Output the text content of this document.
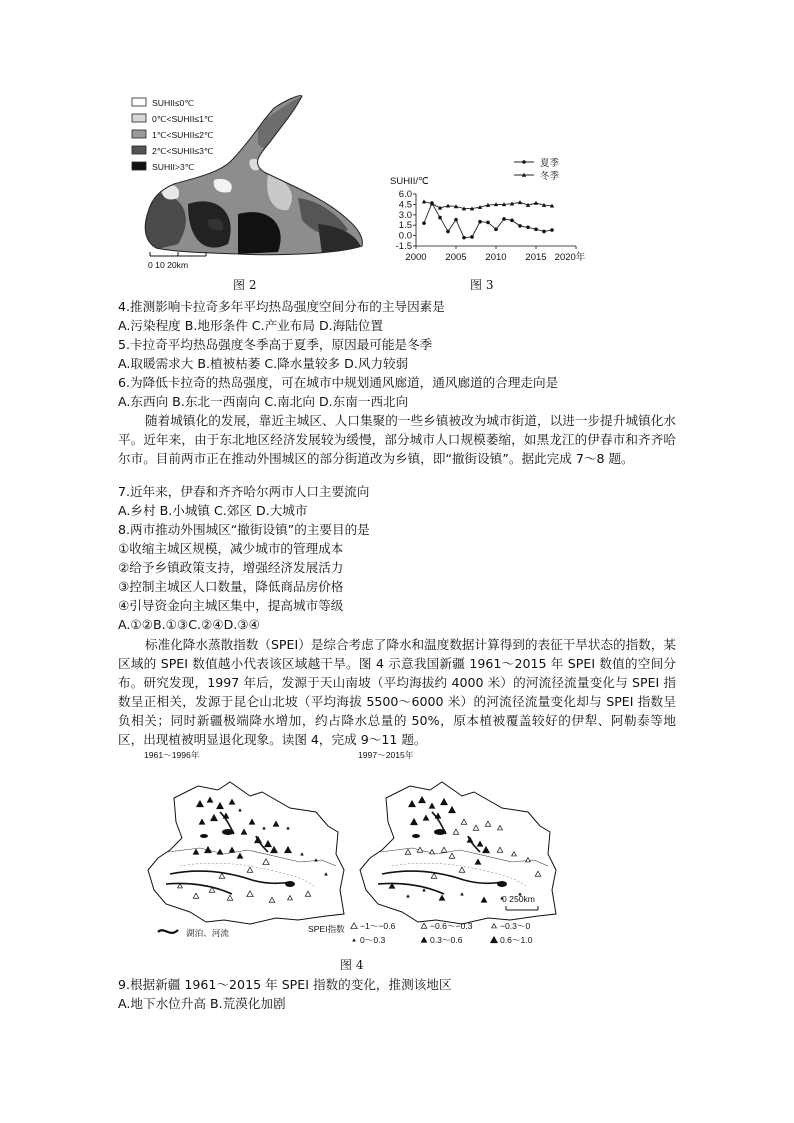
SUHII≤0℃
0℃<SUHII≤1℃
1℃<SUHII≤2℃
2℃<SUHII≤3℃
SUHII>3℃
0 10 20km
图 2
SUHII/℃
夏季
冬季
6.0
4.5
3.0
1.5
0.0
-1.5
2000 2005 2010 2015 2020年
图 3
4.推测影响卡拉奇多年平均热岛强度空间分布的主导因素是
A.污染程度 B.地形条件 C.产业布局 D.海陆位置
5.卡拉奇平均热岛强度冬季高于夏季，原因最可能是冬季
A.取暖需求大 B.植被枯萎 C.降水量较多 D.风力较弱
6.为降低卡拉奇的热岛强度，可在城市中规划通风廊道，通风廊道的合理走向是
A.东西向 B.东北一西南向 C.南北向 D.东南一西北向
随着城镇化的发展，靠近主城区、人口集聚的一些乡镇被改为城市街道，以进一步提升城镇化水平。近年来，由于东北地区经济发展较为缓慢，部分城市人口规模萎缩，如黑龙江的伊春市和齐齐哈尔市。目前两市正在推动外围城区的部分街道改为乡镇，即“撤街设镇”。据此完成 7～8 题。
7.近年来，伊春和齐齐哈尔两市人口主要流向
A.乡村 B.小城镇 C.郊区 D.大城市
8.两市推动外围城区“撤街设镇”的主要目的是
①收缩主城区规模，减少城市的管理成本
②给予乡镇政策支持，增强经济发展活力
③控制主城区人口数量，降低商品房价格
④引导资金向主城区集中，提高城市等级
A.①②B.①③C.②④D.③④
标准化降水蒸散指数（SPEI）是综合考虑了降水和温度数据计算得到的表征干旱状态的指数，某区域的 SPEI 数值越小代表该区域越干旱。图 4 示意我国新疆 1961～2015 年 SPEI 数值的空间分布。研究发现，1997 年后，发源于天山南坡（平均海拔约 4000 米）的河流径流量变化与 SPEI 指数呈正相关，发源于昆仑山北坡（平均海拔 5500～6000 米）的河流径流量变化却与 SPEI 指数呈负相关；同时新疆极端降水增加，约占降水总量的 50%，原本植被覆盖较好的伊犁、阿勒泰等地区，出现植被明显退化现象。读图 4，完成 9～11 题。
1961～1996年	1997～2015年
0 250km
湖泊、河流	SPEI指数 −1～−0.6	−0.6～−0.3	−0.3～0
0～0.3	0.3～0.6	0.6～1.0
图 4
9.根据新疆 1961～2015 年 SPEI 指数的变化，推测该地区
A.地下水位升高 B.荒漠化加剧
